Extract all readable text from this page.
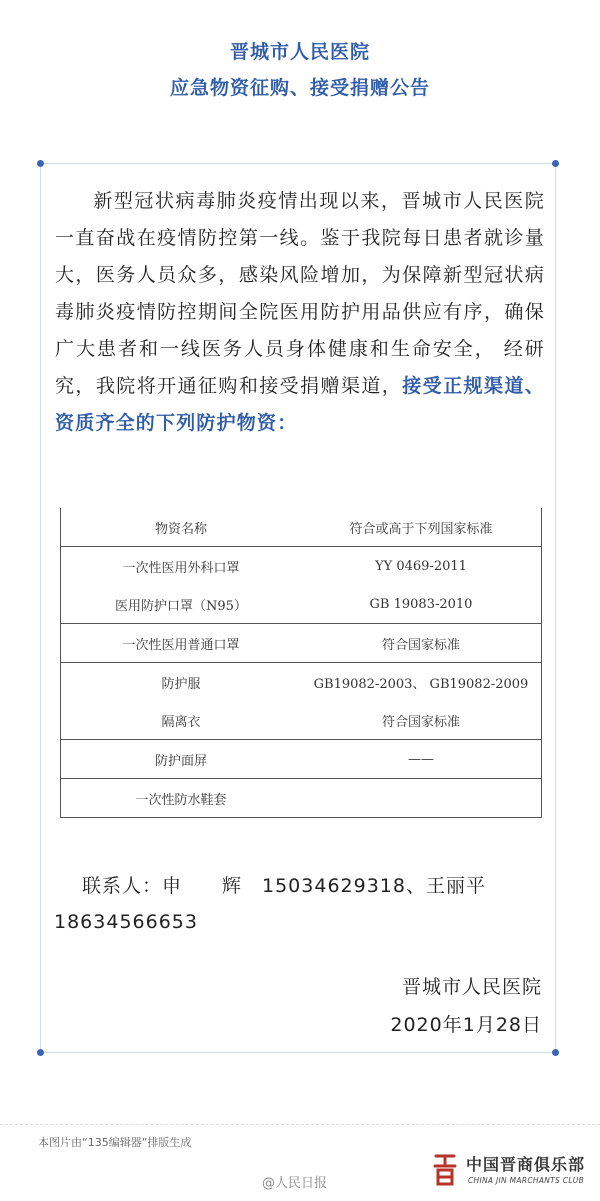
晋城市人民医院
应急物资征购、接受捐赠公告
新型冠状病毒肺炎疫情出现以来，晋城市人民医院一直奋战在疫情防控第一线。鉴于我院每日患者就诊量大，医务人员众多，感染风险增加，为保障新型冠状病毒肺炎疫情防控期间全院医用防护用品供应有序，确保广大患者和一线医务人员身体健康和生命安全， 经研究，我院将开通征购和接受捐赠渠道，接受正规渠道、资质齐全的下列防护物资：
物资名称	符合或高于下列国家标准
一次性医用外科口罩	YY 0469-2011
医用防护口罩（N95）	GB 19083-2010
一次性医用普通口罩	符合国家标准
防护服	GB19082-2003、 GB19082-2009
隔离衣	符合国家标准
防护面屏	——
一次性防水鞋套	
联系人：申　　辉　15034629318、王丽平
18634566653
晋城市人民医院
2020年1月28日
本图片由“135编辑器”排版生成
@人民日报
中国晋商俱乐部
CHINA JIN MARCHANTS CLUB
